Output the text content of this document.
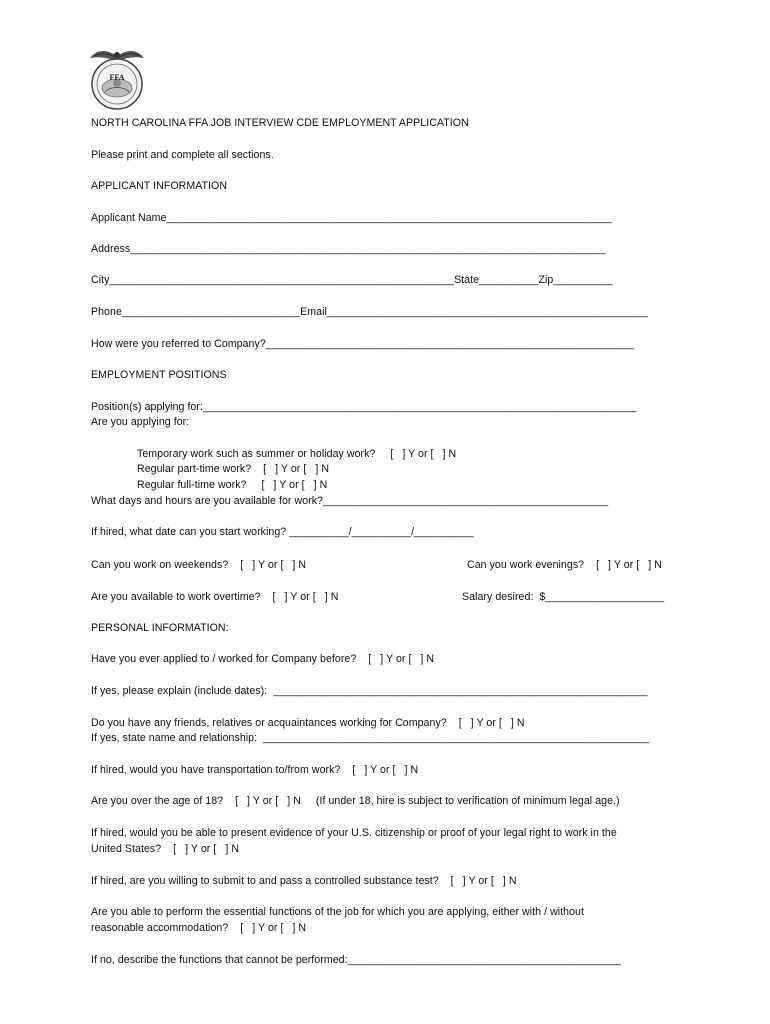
FFA
NORTH CAROLINA FFA JOB INTERVIEW CDE EMPLOYMENT APPLICATION
Please print and complete all sections.
APPLICANT INFORMATION
Applicant Name___________________________________________________________________________
Address________________________________________________________________________________
City__________________________________________________________State__________Zip__________
Phone______________________________Email______________________________________________________
How were you referred to Company?______________________________________________________________
EMPLOYMENT POSITIONS
Position(s) applying for:_________________________________________________________________________
Are you applying for:
Temporary work such as summer or holiday work?     [   ] Y or [   ] N
Regular part-time work?    [   ] Y or [   ] N
Regular full-time work?     [   ] Y or [   ] N
What days and hours are you available for work?________________________________________________
If hired, what date can you start working? __________/__________/__________
Can you work on weekends?    [   ] Y or [   ] N	Can you work evenings?    [   ] Y or [   ] N
Are you available to work overtime?    [   ] Y or [   ] N	Salary desired:  $____________________
PERSONAL INFORMATION:
Have you ever applied to / worked for Company before?    [   ] Y or [   ] N
If yes, please explain (include dates):  _______________________________________________________________
Do you have any friends, relatives or acquaintances working for Company?    [   ] Y or [   ] N
If yes, state name and relationship:  _________________________________________________________________
If hired, would you have transportation to/from work?    [   ] Y or [   ] N
Are you over the age of 18?    [   ] Y or [   ] N     (If under 18, hire is subject to verification of minimum legal age.)
If hired, would you be able to present evidence of your U.S. citizenship or proof of your legal right to work in the
United States?    [   ] Y or [   ] N
If hired, are you willing to submit to and pass a controlled substance test?    [   ] Y or [   ] N
Are you able to perform the essential functions of the job for which you are applying, either with / without
reasonable accommodation?    [   ] Y or [   ] N
If no, describe the functions that cannot be performed:______________________________________________
